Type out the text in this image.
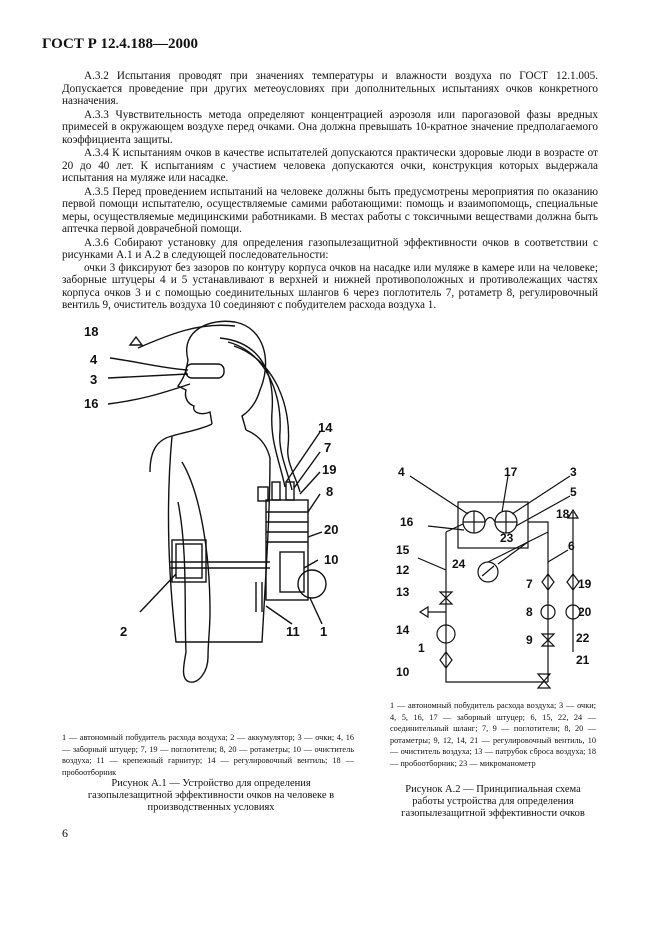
ГОСТ Р 12.4.188—2000

А.3.2 Испытания проводят при значениях температуры и влажности воздуха по ГОСТ 12.1.005. Допускается проведение при других метеоусловиях при дополнительных испытаниях очков конкретного назначения.

А.3.3 Чувствительность метода определяют концентрацией аэрозоля или парогазовой фазы вредных примесей в окружающем воздухе перед очками. Она должна превышать 10-кратное значение предполагаемого коэффициента защиты.

А.3.4 К испытаниям очков в качестве испытателей допускаются практически здоровые люди в возрасте от 20 до 40 лет. К испытаниям с участием человека допускаются очки, конструкция которых выдержала испытания на муляже или насадке.

А.3.5 Перед проведением испытаний на человеке должны быть предусмотрены мероприятия по оказанию первой помощи испытателю, осуществляемые самими работающими: помощь и взаимопомощь, специальные меры, осуществляемые медицинскими работниками. В местах работы с токсичными веществами должна быть аптечка первой доврачебной помощи.

А.3.6 Собирают установку для определения газопылезащитной эффективности очков в соответствии с рисунками А.1 и А.2 в следующей последовательности:

очки 3 фиксируют без зазоров по контуру корпуса очков на насадке или муляже в камере или на человеке; заборные штуцеры 4 и 5 устанавливают в верхней и нижней противоположных и противолежащих частях корпуса очков 3 и с помощью соединительных шлангов 6 через поглотитель 7, ротаметр 8, регулировочный вентиль 9, очиститель воздуха 10 соединяют с побудителем расхода воздуха 1.

18
4
3
16
14
7
19
8
20
10
2	11 1
1 — автономный побудитель расхода воздуха; 2 — аккумулятор; 3 — очки; 4, 16 — заборный штуцер; 7, 19 — поглотители; 8, 20 — ротаметры; 10 — очиститель воздуха; 11 — крепежный гарнитур; 14 — регулировочный вентиль; 18 — пробоотборник
Рисунок А.1 — Устройство для определения газопылезащитной эффективности очков на человеке в производственных условиях
4	17	3
5
16
18
15
24
23
6
12
7	19
13
8	20
14
9	22
1
21
10
1 — автономный побудитель расхода воздуха; 3 — очки; 4, 5, 16, 17 — заборный штуцер; 6, 15, 22, 24 — соединительный шланг; 7, 9 — поглотители; 8, 20 — ротаметры; 9, 12, 14, 21 — регулировочный вентиль, 10 — очиститель воздуха; 13 — патрубок сброса воздуха; 18 — пробоотборник; 23 — микроманометр
Рисунок А.2 — Принципиальная схема работы устройства для определения газопылезащитной эффективности очков
6
